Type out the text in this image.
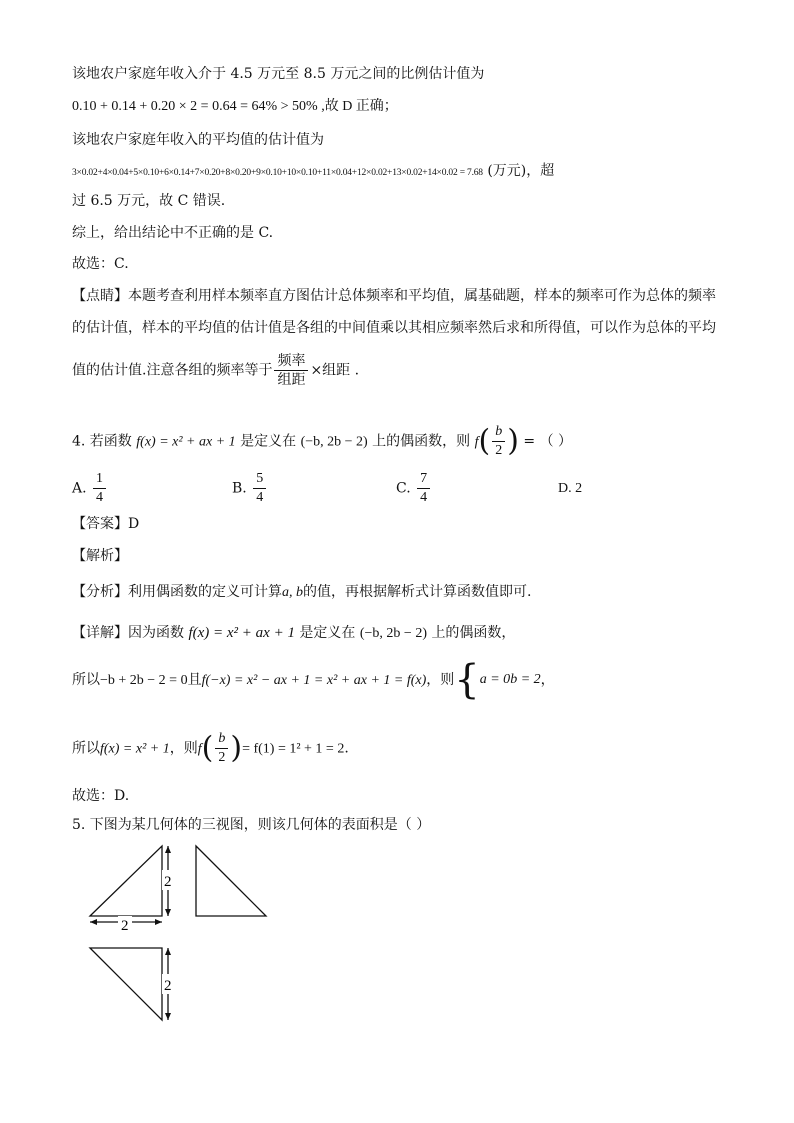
该地农户家庭年收入介于 4.5 万元至 8.5 万元之间的比例估计值为
0.10 + 0.14 + 0.20 × 2 = 0.64 = 64% > 50% ,故 D 正确；
该地农户家庭年收入的平均值的估计值为
3×0.02+4×0.04+5×0.10+6×0.14+7×0.20+8×0.20+9×0.10+10×0.10+11×0.04+12×0.02+13×0.02+14×0.02 = 7.68 (万元)，超
过 6.5 万元，故 C 错误.
综上，给出结论中不正确的是 C.
故选：C.
【点睛】本题考查利用样本频率直方图估计总体频率和平均值，属基础题，样本的频率可作为总体的频率
的估计值，样本的平均值的估计值是各组的中间值乘以其相应频率然后求和所得值，可以作为总体的平均
值的估计值.注意各组的频率等于 $\frac{\text{频率}}{\text{组距}}$ ×组距 .
4. 若函数 f(x) = x² + ax + 1 是定义在 (−b, 2b − 2) 上的偶函数，则 $f( \frac{b}{2}$ ) = （ ）
A. $\frac{1}{4}$	B. $\frac{5}{4}$	C. $\frac{7}{4}$	D. 2
【答案】D
【解析】
【分析】利用偶函数的定义可计算a, b的值，再根据解析式计算函数值即可.
【详解】因为函数 f(x) = x² + ax + 1 是定义在 (−b, 2b − 2) 上的偶函数，
所以−b + 2b − 2 = 0且f(−x) = x² − ax + 1 = x² + ax + 1 = f(x)，则{a = 0b = 2，
所以f(x) = x² + 1，则$f( \frac{b}{2}$ )= f(1) = 1² + 1 = 2.
故选：D.
5. 下图为某几何体的三视图，则该几何体的表面积是（ ）
2
2
2
